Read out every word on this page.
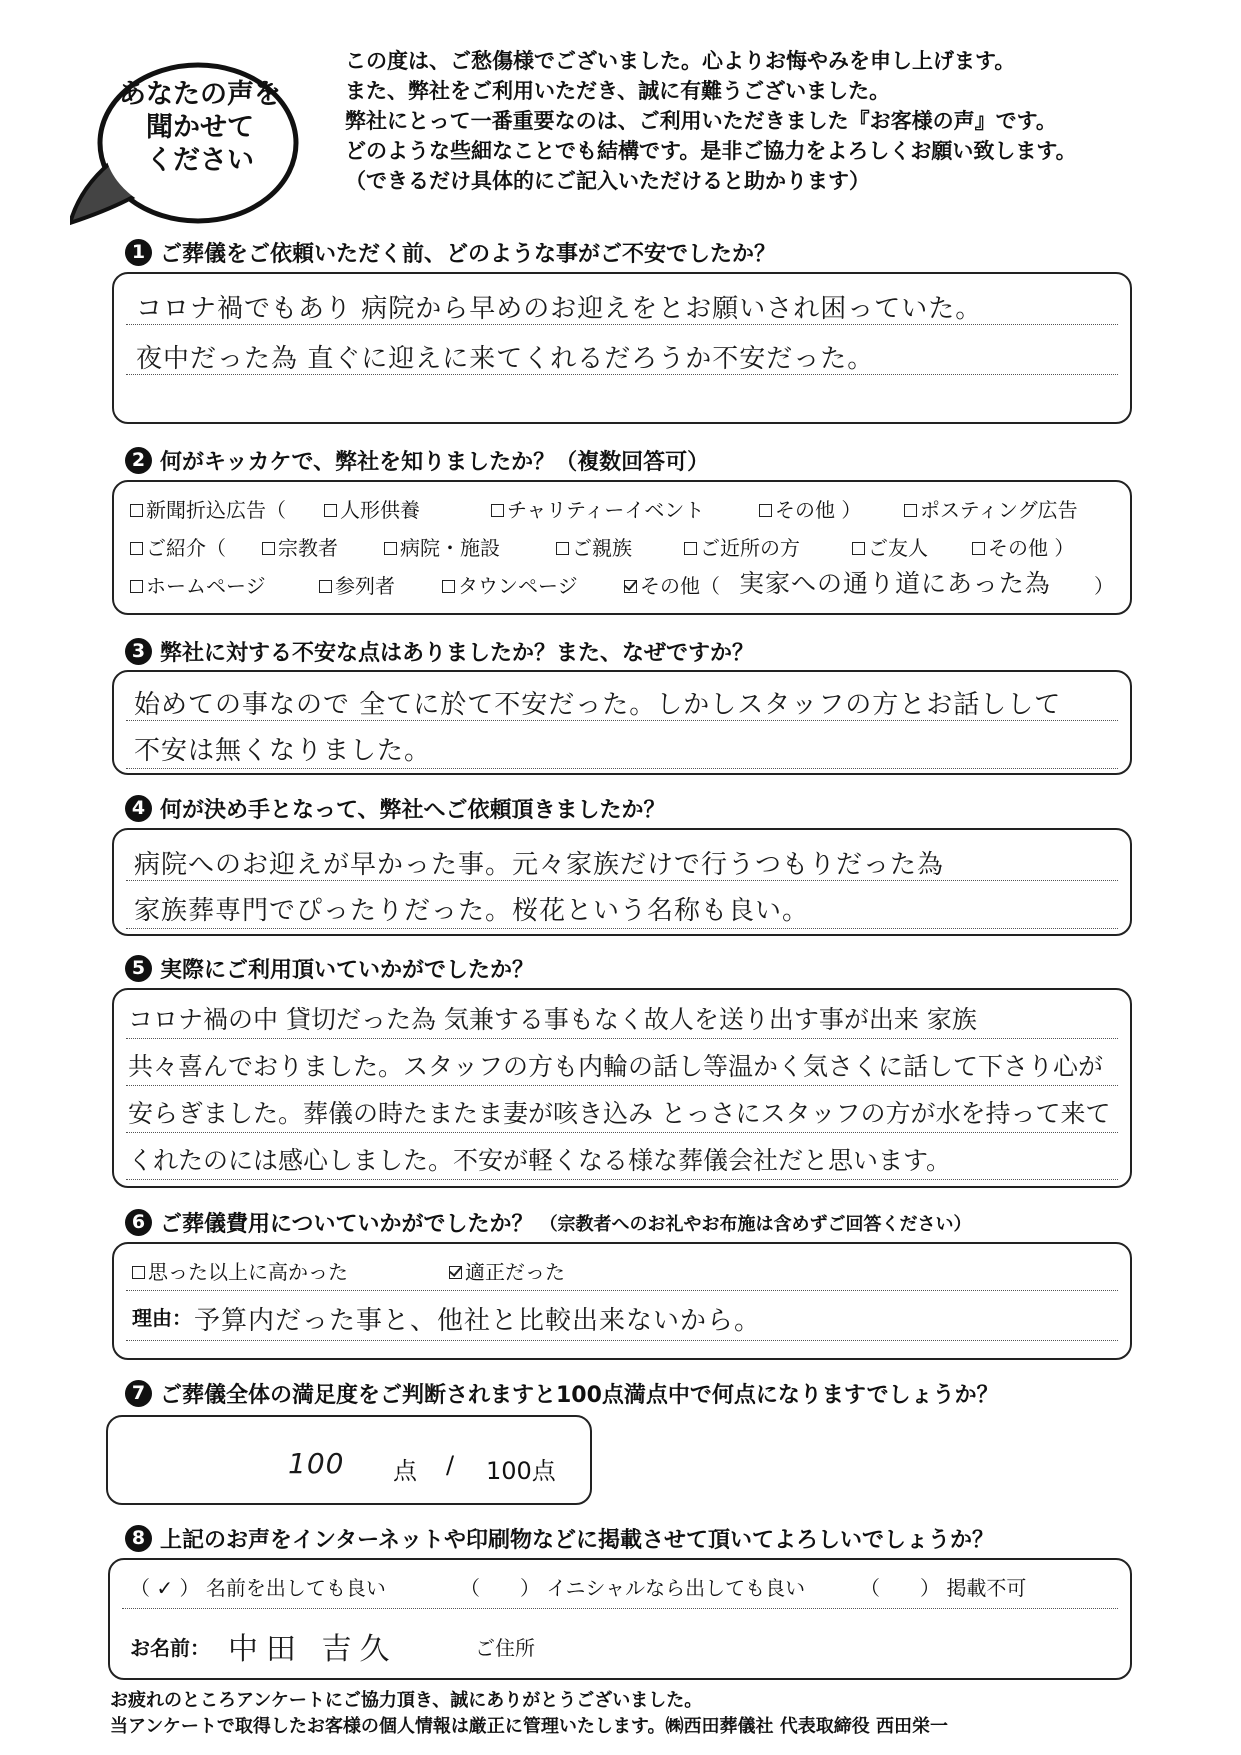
あなたの声を
聞かせて
ください
この度は、ご愁傷様でございました。心よりお悔やみを申し上げます。
また、弊社をご利用いただき、誠に有難うございました。
弊社にとって一番重要なのは、ご利用いただきました『お客様の声』です。
どのような些細なことでも結構です。是非ご協力をよろしくお願い致します。
（できるだけ具体的にご記入いただけると助かります）
1 ご葬儀をご依頼いただく前、どのような事がご不安でしたか？
コロナ禍でもあり 病院から早めのお迎えをとお願いされ困っていた。
夜中だった為 直ぐに迎えに来てくれるだろうか不安だった。
2 何がキッカケで、弊社を知りましたか？（複数回答可）
新聞折込広告（	人形供養	チャリティーイベント	その他 ）	ポスティング広告
ご紹介（	宗教者	病院・施設	ご親族	ご近所の方	ご友人	その他 ）
ホームページ	参列者	タウンページ	その他（ 実家への通り道にあった為 ）
3 弊社に対する不安な点はありましたか？また、なぜですか？
始めての事なので 全てに於て不安だった。しかしスタッフの方とお話しして
不安は無くなりました。
4 何が決め手となって、弊社へご依頼頂きましたか？
病院へのお迎えが早かった事。元々家族だけで行うつもりだった為
家族葬専門でぴったりだった。桜花という名称も良い。
5 実際にご利用頂いていかがでしたか？
コロナ禍の中 貸切だった為 気兼する事もなく故人を送り出す事が出来 家族
共々喜んでおりました。スタッフの方も内輪の話し等温かく気さくに話して下さり心が
安らぎました。葬儀の時たまたま妻が咳き込み とっさにスタッフの方が水を持って来て
くれたのには感心しました。不安が軽くなる様な葬儀会社だと思います。
6 ご葬儀費用についていかがでしたか？ （宗教者へのお礼やお布施は含めずご回答ください）
思った以上に高かった	適正だった
理由： 予算内だった事と、他社と比較出来ないから。
7 ご葬儀全体の満足度をご判断されますと100点満点中で何点になりますでしょうか？
100 点 / 100点
8 上記のお声をインターネットや印刷物などに掲載させて頂いてよろしいでしょうか？
（ ✓ ） 名前を出しても良い	（　　） イニシャルなら出しても良い	（　　） 掲載不可
お名前： 中田 吉久	ご住所
お疲れのところアンケートにご協力頂き、誠にありがとうございました。
当アンケートで取得したお客様の個人情報は厳正に管理いたします。㈱西田葬儀社 代表取締役 西田栄一
